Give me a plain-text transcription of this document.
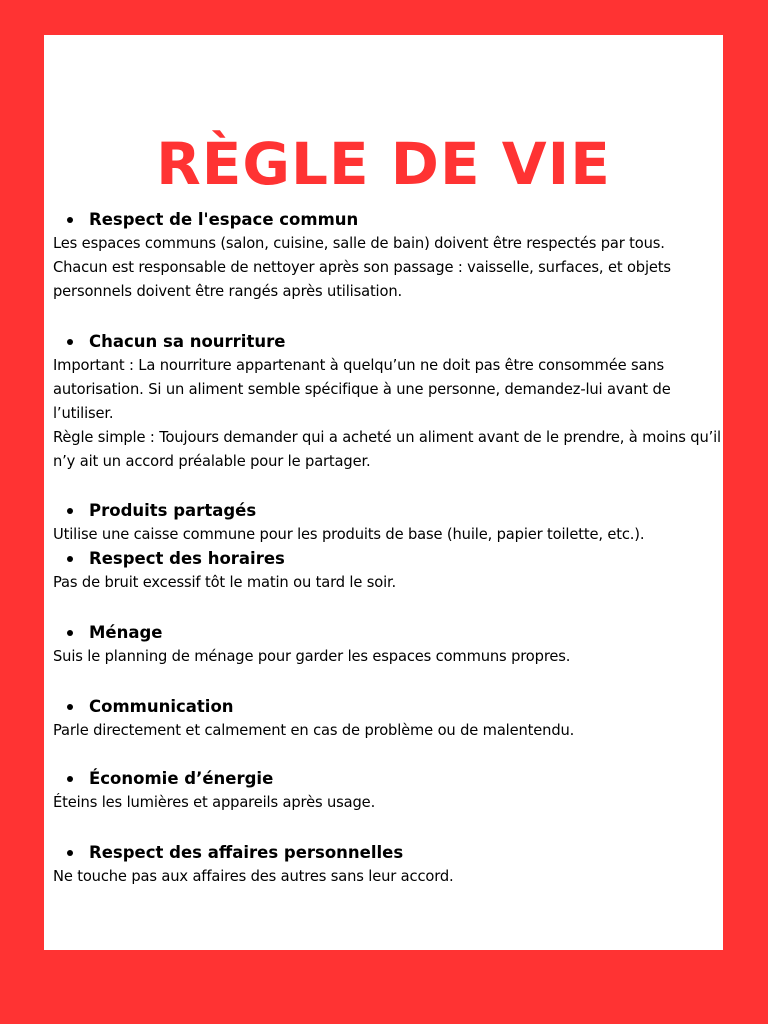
RÈGLE DE VIE
Respect de l'espace commun

Les espaces communs (salon, cuisine, salle de bain) doivent être respectés par tous. Chacun est responsable de nettoyer après son passage : vaisselle, surfaces, et objets personnels doivent être rangés après utilisation.

Chacun sa nourriture

Important : La nourriture appartenant à quelqu’un ne doit pas être consommée sans autorisation. Si un aliment semble spécifique à une personne, demandez-lui avant de l’utiliser.

Règle simple : Toujours demander qui a acheté un aliment avant de le prendre, à moins qu’il n’y ait un accord préalable pour le partager.

Produits partagés

Utilise une caisse commune pour les produits de base (huile, papier toilette, etc.).

Respect des horaires

Pas de bruit excessif tôt le matin ou tard le soir.

Ménage

Suis le planning de ménage pour garder les espaces communs propres.

Communication

Parle directement et calmement en cas de problème ou de malentendu.

Économie d’énergie

Éteins les lumières et appareils après usage.

Respect des affaires personnelles

Ne touche pas aux affaires des autres sans leur accord.
